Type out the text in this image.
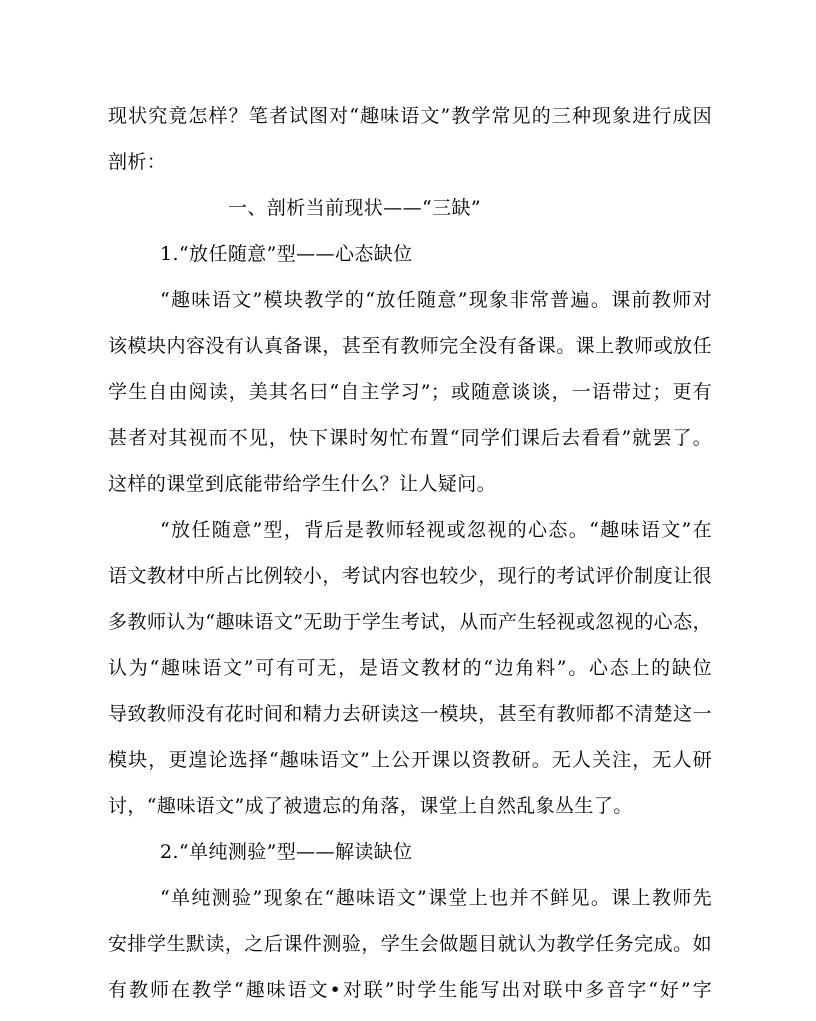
现状究竟怎样？笔者试图对“趣味语文”教学常见的三种现象进行成因
剖析：
一、剖析当前现状——“三缺”
1.“放任随意”型——心态缺位
“趣味语文”模块教学的“放任随意”现象非常普遍。课前教师对
该模块内容没有认真备课，甚至有教师完全没有备课。课上教师或放任
学生自由阅读，美其名曰“自主学习”；或随意谈谈，一语带过；更有
甚者对其视而不见，快下课时匆忙布置“同学们课后去看看”就罢了。
这样的课堂到底能带给学生什么？让人疑问。
“放任随意”型，背后是教师轻视或忽视的心态。“趣味语文”在
语文教材中所占比例较小，考试内容也较少，现行的考试评价制度让很
多教师认为“趣味语文”无助于学生考试，从而产生轻视或忽视的心态，
认为“趣味语文”可有可无，是语文教材的“边角料”。心态上的缺位
导致教师没有花时间和精力去研读这一模块，甚至有教师都不清楚这一
模块，更遑论选择“趣味语文”上公开课以资教研。无人关注，无人研
讨，“趣味语文”成了被遗忘的角落，课堂上自然乱象丛生了。
2.“单纯测验”型——解读缺位
“单纯测验”现象在“趣味语文”课堂上也并不鲜见。课上教师先
安排学生默读，之后课件测验，学生会做题目就认为教学任务完成。如
有教师在教学“趣味语文•对联”时学生能写出对联中多音字“好”字
